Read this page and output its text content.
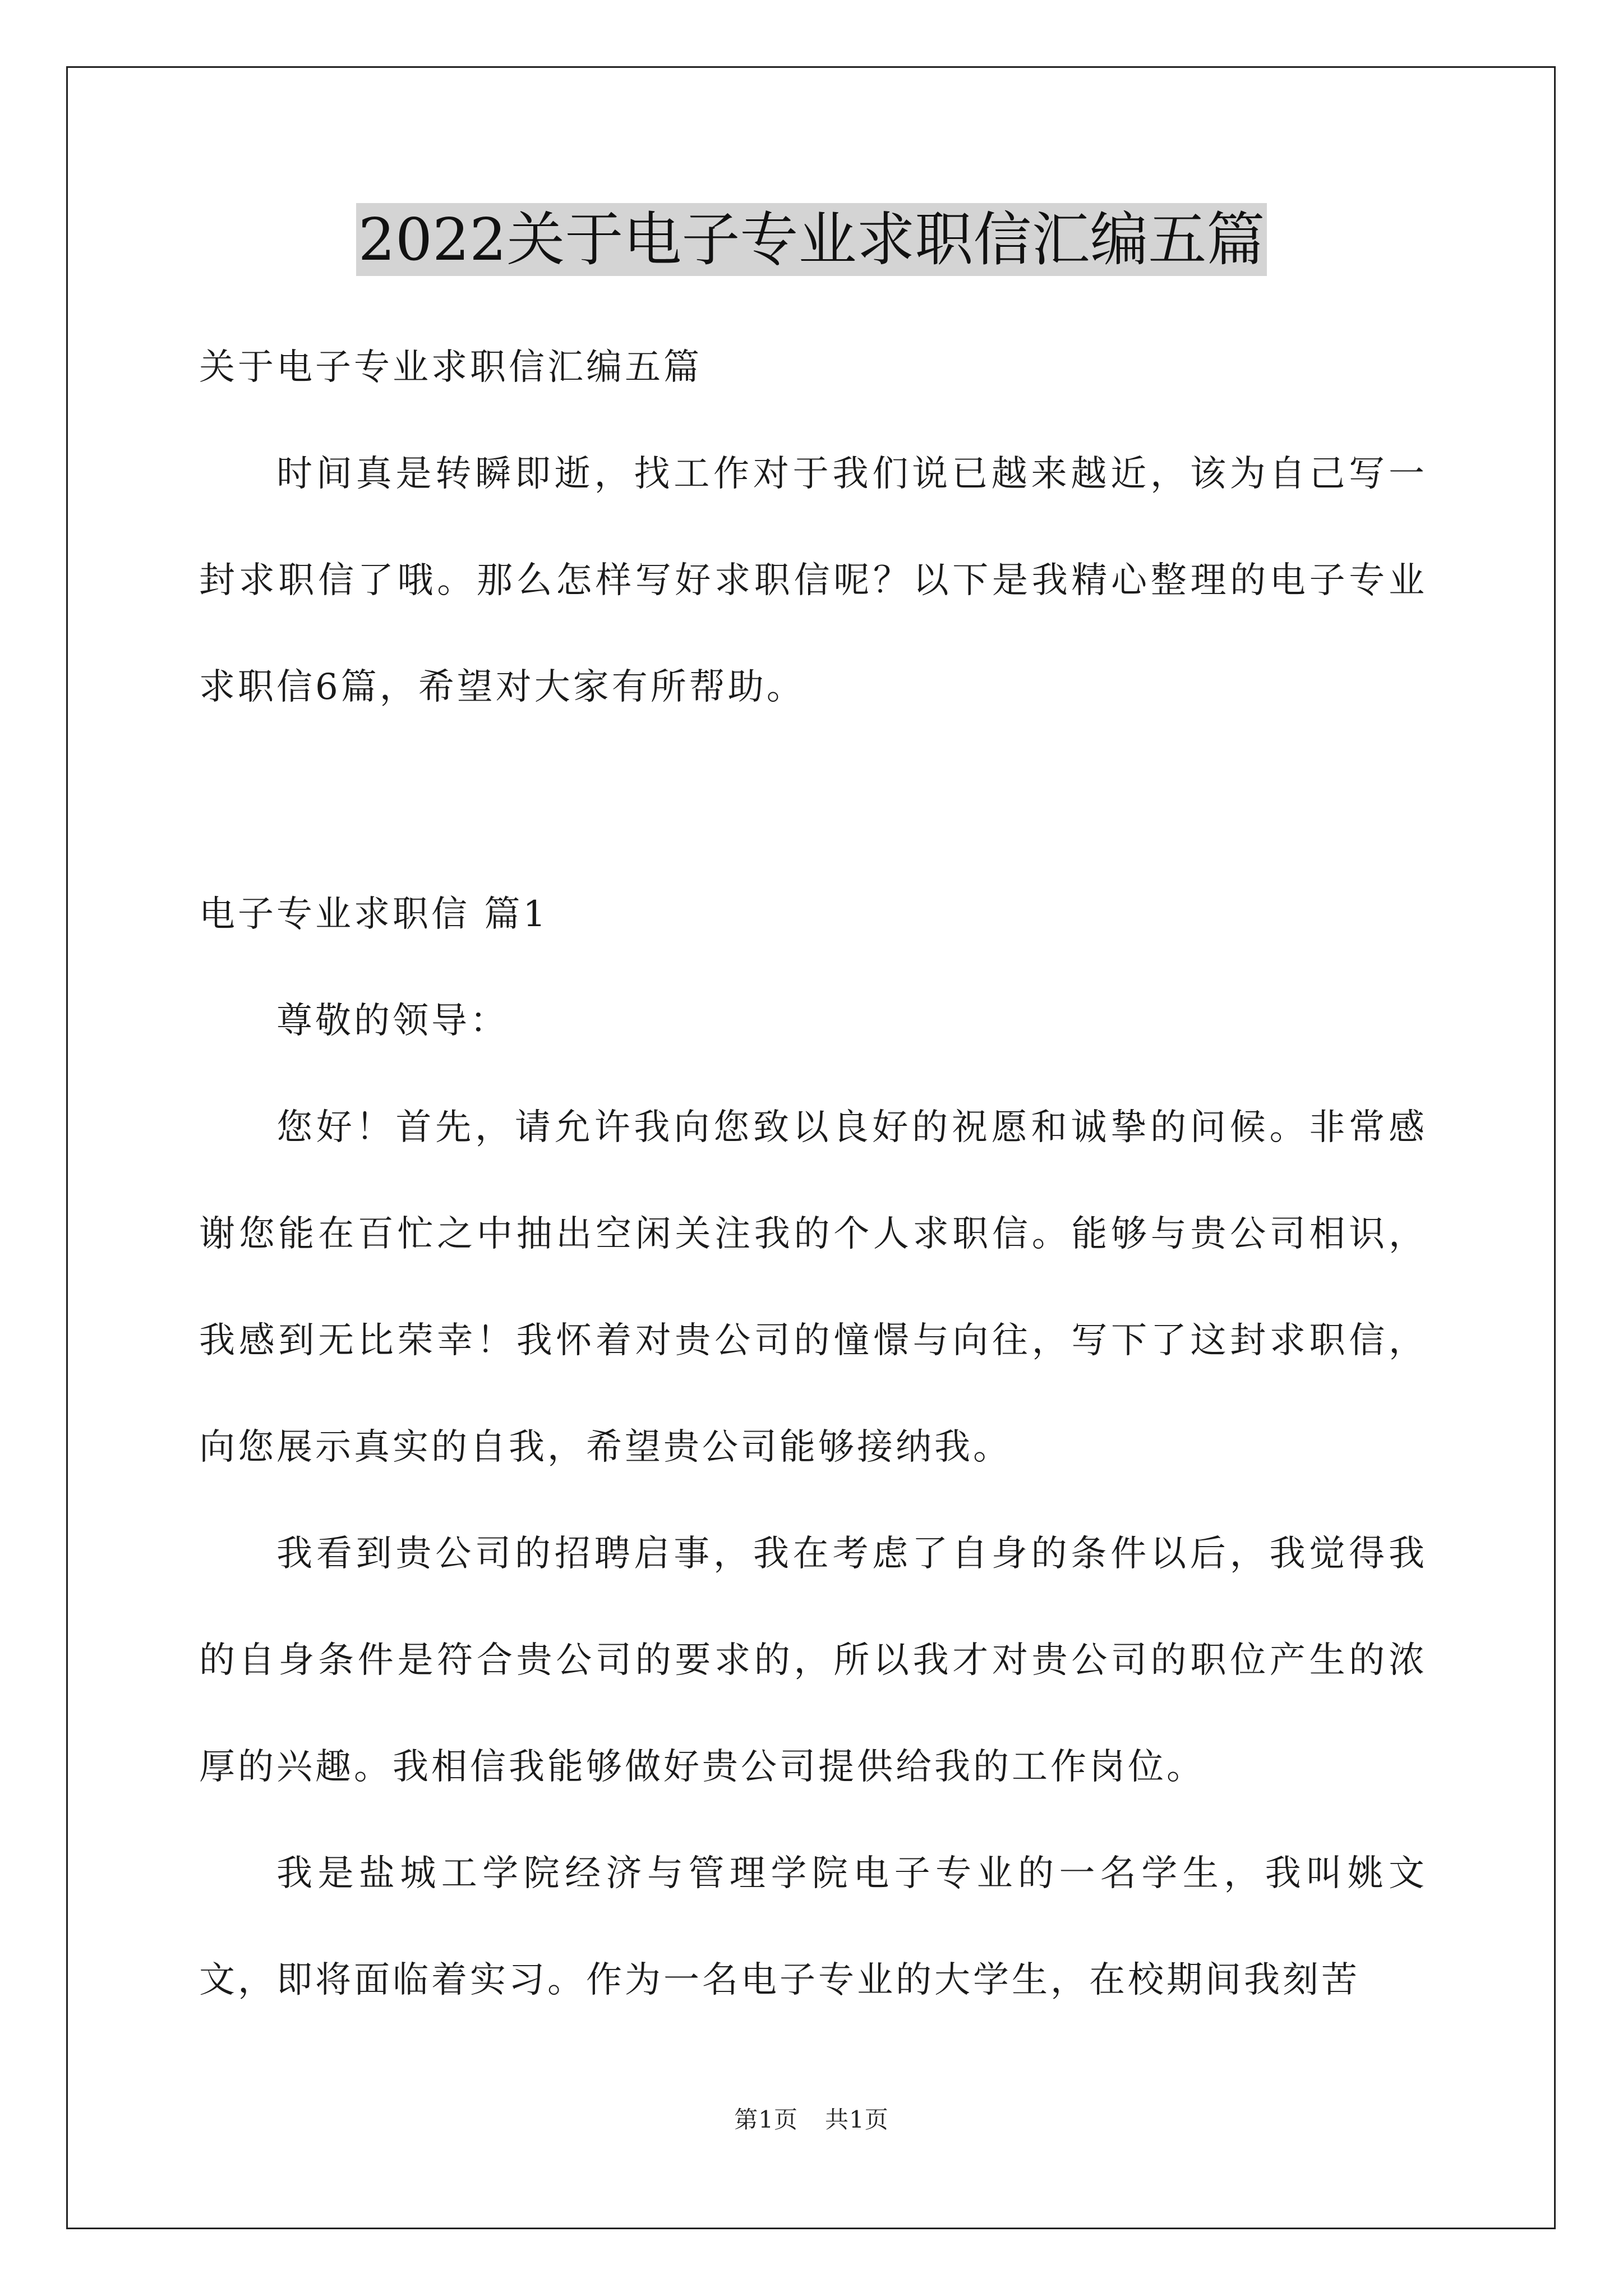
2022关于电子专业求职信汇编五篇

关于电子专业求职信汇编五篇

时间真是转瞬即逝，找工作对于我们说已越来越近，该为自己写一封求职信了哦。那么怎样写好求职信呢？以下是我精心整理的电子专业求职信6篇，希望对大家有所帮助。

电子专业求职信 篇1

尊敬的领导：

您好！首先，请允许我向您致以良好的祝愿和诚挚的问候。非常感谢您能在百忙之中抽出空闲关注我的个人求职信。能够与贵公司相识，我感到无比荣幸！我怀着对贵公司的憧憬与向往，写下了这封求职信，向您展示真实的自我，希望贵公司能够接纳我。

我看到贵公司的招聘启事，我在考虑了自身的条件以后，我觉得我的自身条件是符合贵公司的要求的，所以我才对贵公司的职位产生的浓厚的兴趣。我相信我能够做好贵公司提供给我的工作岗位。

我是盐城工学院经济与管理学院电子专业的一名学生，我叫姚文文，即将面临着实习。作为一名电子专业的大学生，在校期间我刻苦

第1页 共1页
